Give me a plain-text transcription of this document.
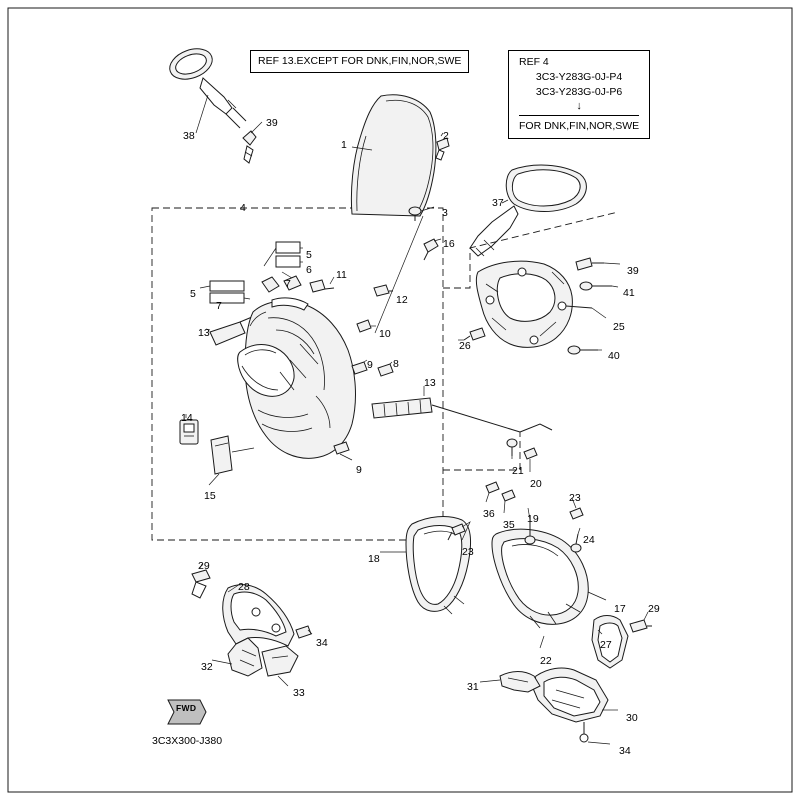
REF 13.EXCEPT FOR DNK,FIN,NOR,SWE	REF 4
3C3-Y283G-0J-P4
3C3-Y283G-0J-P6
↓
FOR DNK,FIN,NOR,SWE
3C3X300-J380
FWD
1
2
3
4
5
6
7
5
7
11
12
16
10
13
9 8
13
14
15
9	21
20
36
35 19
23
24
37
39
41
25
26
40
38
39
18
23
17
22
29
28
34
32
33
29
27
31
30
34
